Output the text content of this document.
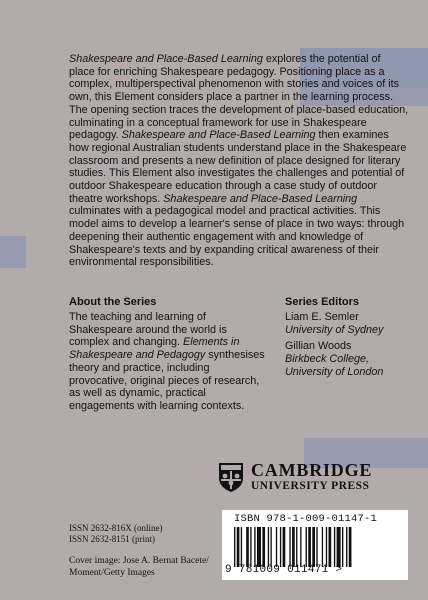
Shakespeare and Place-Based Learning explores the potential of place for enriching Shakespeare pedagogy. Positioning place as a complex, multiperspectival phenomenon with stories and voices of its own, this Element considers place a partner in the learning process. The opening section traces the development of place-based education, culminating in a conceptual framework for use in Shakespeare pedagogy. Shakespeare and Place-Based Learning then examines how regional Australian students understand place in the Shakespeare classroom and presents a new definition of place designed for literary studies. This Element also investigates the challenges and potential of outdoor Shakespeare education through a case study of outdoor theatre workshops. Shakespeare and Place-Based Learning culminates with a pedagogical model and practical activities. This model aims to develop a learner's sense of place in two ways: through deepening their authentic engagement with and knowledge of Shakespeare's texts and by expanding critical awareness of their environmental responsibilities.
About the Series

The teaching and learning of Shakespeare around the world is complex and changing. Elements in Shakespeare and Pedagogy synthesises theory and practice, including provocative, original pieces of research, as well as dynamic, practical engagements with learning contexts.

Series Editors
Liam E. Semler
University of Sydney
Gillian Woods
Birkbeck College, University of London
CAMBRIDGE
UNIVERSITY PRESS
ISBN 978-1-009-01147-1
9 781009 011471 >
ISSN 2632-816X (online)
ISSN 2632-8151 (print)
Cover image: Jose A. Bernat Bacete/ Moment/Getty Images
